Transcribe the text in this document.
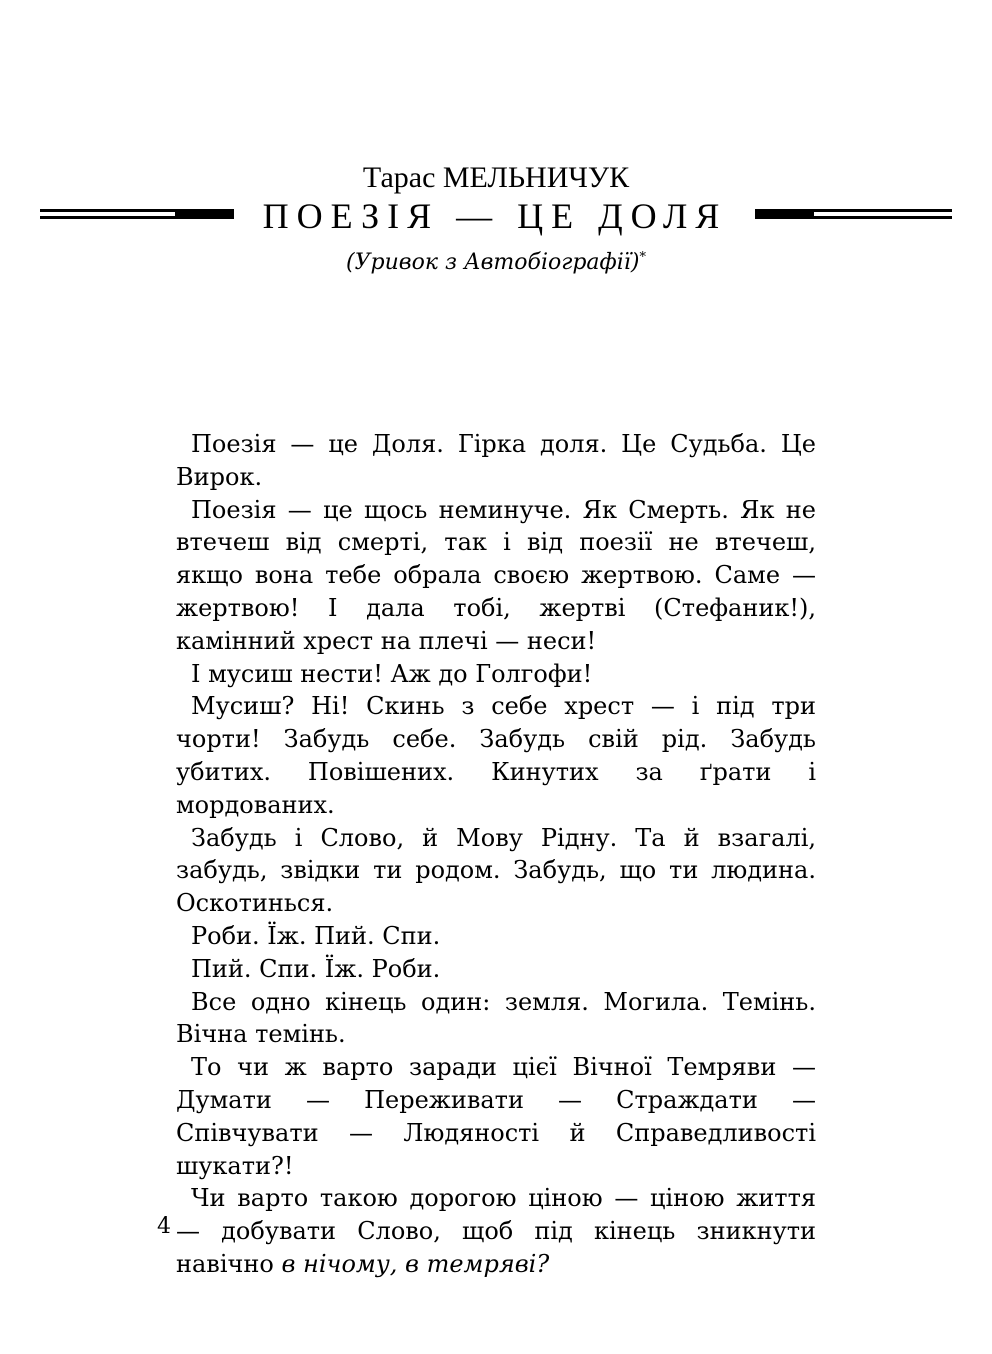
Тарас МЕЛЬНИЧУК
ПОЕЗІЯ — ЦЕ ДОЛЯ
(Уривок з Автобіографії)*

Поезія — це Доля. Гірка доля. Це Судьба. Це Вирок.

Поезія — це щось неминуче. Як Смерть. Як не втечеш від смерті, так і від поезії не втечеш, якщо вона тебе обрала своєю жертвою. Саме — жертвою! І дала тобі, жертві (Стефаник!), камінний хрест на плечі — неси!

І мусиш нести! Аж до Голгофи!

Мусиш? Ні! Скинь з себе хрест — і під три чорти! Забудь себе. Забудь свій рід. Забудь убитих. Повішених. Кинутих за ґрати і мордованих.

Забудь і Слово, й Мову Рідну. Та й взагалі, забудь, звідки ти родом. Забудь, що ти людина. Оскотинься.

Роби. Їж. Пий. Спи.

Пий. Спи. Їж. Роби.

Все одно кінець один: земля. Могила. Темінь. Вічна темінь.

То чи ж варто заради цієї Вічної Темряви — Думати — Переживати — Страждати — Співчувати — Людяності й Справедливості шукати?!

Чи варто такою дорогою ціною — ціною життя — добувати Слово, щоб під кінець зникнути навічно в нічому, в темряві?

4
